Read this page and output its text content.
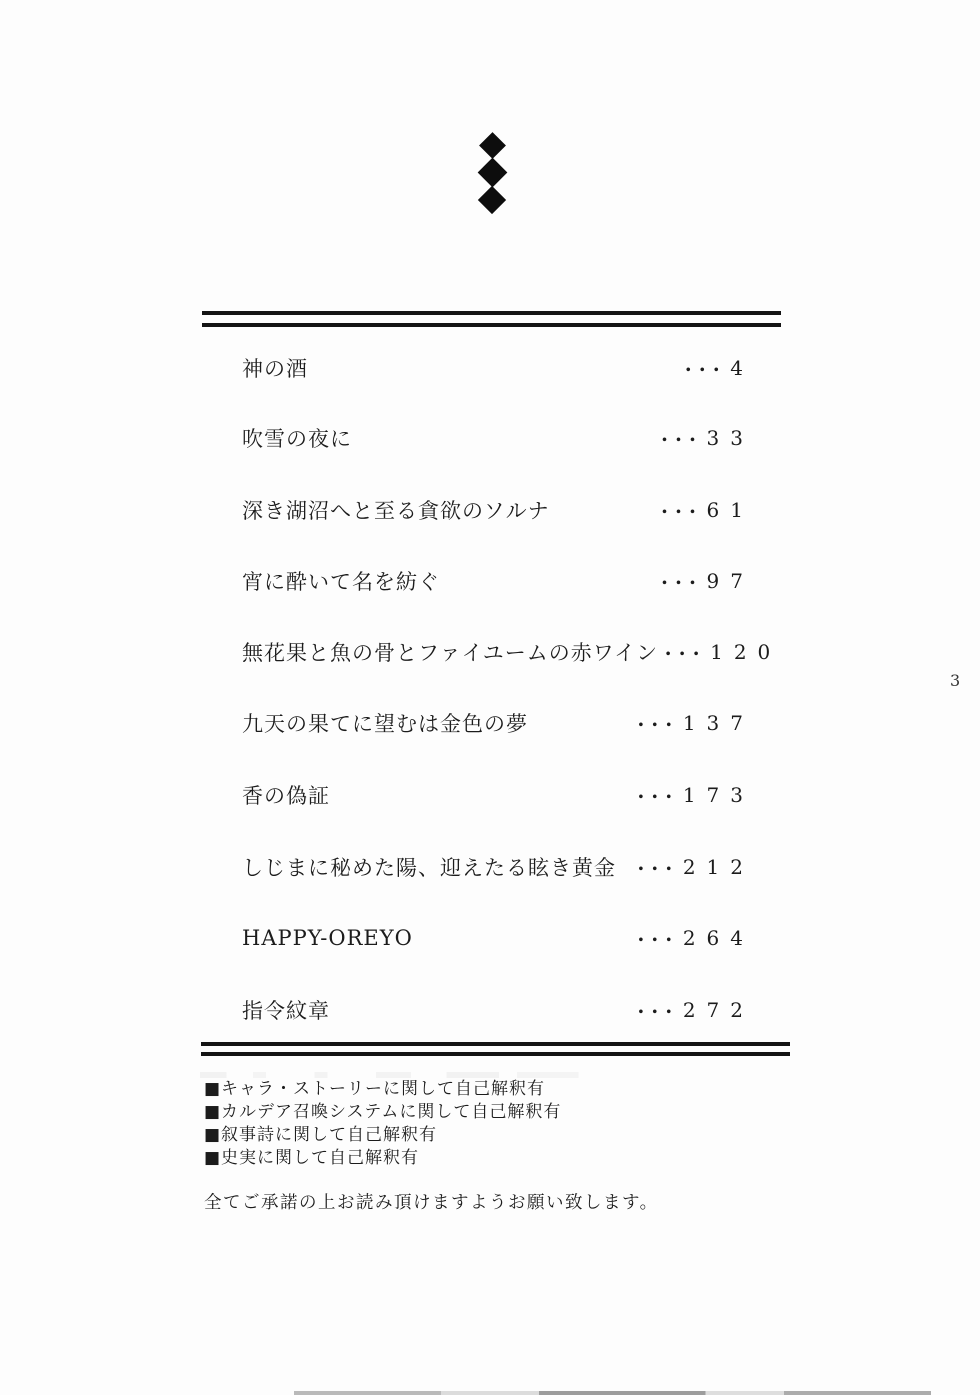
神の酒	・・・ 4
吹雪の夜に	・・・ 33
深き湖沼へと至る貪欲のソルナ	・・・ 61
宵に酔いて名を紡ぐ	・・・ 97
無花果と魚の骨とファイユームの赤ワイン ・・・ 120
九天の果てに望むは金色の夢	・・・ 137
香の偽証	・・・ 173
しじまに秘めた陽、迎えたる眩き黄金 ・・・ 212
HAPPY-OREYO	・・・ 264
指令紋章	・・・ 272
3
■キャラ・ストーリーに関して自己解釈有
■カルデア召喚システムに関して自己解釈有
■叙事詩に関して自己解釈有
■史実に関して自己解釈有
全てご承諾の上お読み頂けますようお願い致します。
